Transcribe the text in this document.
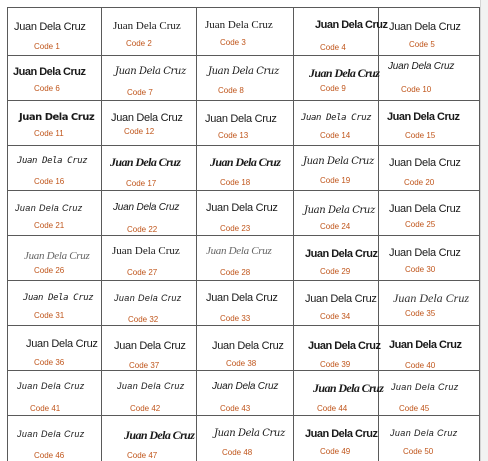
Juan Dela Cruz
Code 1
Juan Dela Cruz
Code 2
Juan Dela Cruz
Code 3
Juan Dela Cruz
Code 4
Juan Dela Cruz
Code 5
Juan Dela Cruz
Code 6
Juan Dela Cruz
Code 7
Juan Dela Cruz
Code 8
Juan Dela Cruz
Code 9
Juan Dela Cruz
Code 10
Juan Dela Cruz
Code 11
Juan Dela Cruz
Code 12
Juan Dela Cruz
Code 13
Juan Dela Cruz
Code 14
Juan Dela Cruz
Code 15
Juan Dela Cruz
Code 16
Juan Dela Cruz
Code 17
Juan Dela Cruz
Code 18
Juan Dela Cruz
Code 19
Juan Dela Cruz
Code 20
Juan Dela Cruz
Code 21
Juan Dela Cruz
Code 22
Juan Dela Cruz
Code 23
Juan Dela Cruz
Code 24
Juan Dela Cruz
Code 25
Juan Dela Cruz
Code 26
Juan Dela Cruz
Code 27
Juan Dela Cruz
Code 28
Juan Dela Cruz
Code 29
Juan Dela Cruz
Code 30
Juan Dela Cruz
Code 31
Juan Dela Cruz
Code 32
Juan Dela Cruz
Code 33
Juan Dela Cruz
Code 34
Juan Dela Cruz
Code 35
Juan Dela Cruz
Code 36
Juan Dela Cruz
Code 37
Juan Dela Cruz
Code 38
Juan Dela Cruz
Code 39
Juan Dela Cruz
Code 40
Juan Dela Cruz
Code 41
Juan Dela Cruz
Code 42
Juan Dela Cruz
Code 43
Juan Dela Cruz
Code 44
Juan Dela Cruz
Code 45
Juan Dela Cruz
Code 46
Juan Dela Cruz
Code 47
Juan Dela Cruz
Code 48
Juan Dela Cruz
Code 49
Juan Dela Cruz
Code 50
